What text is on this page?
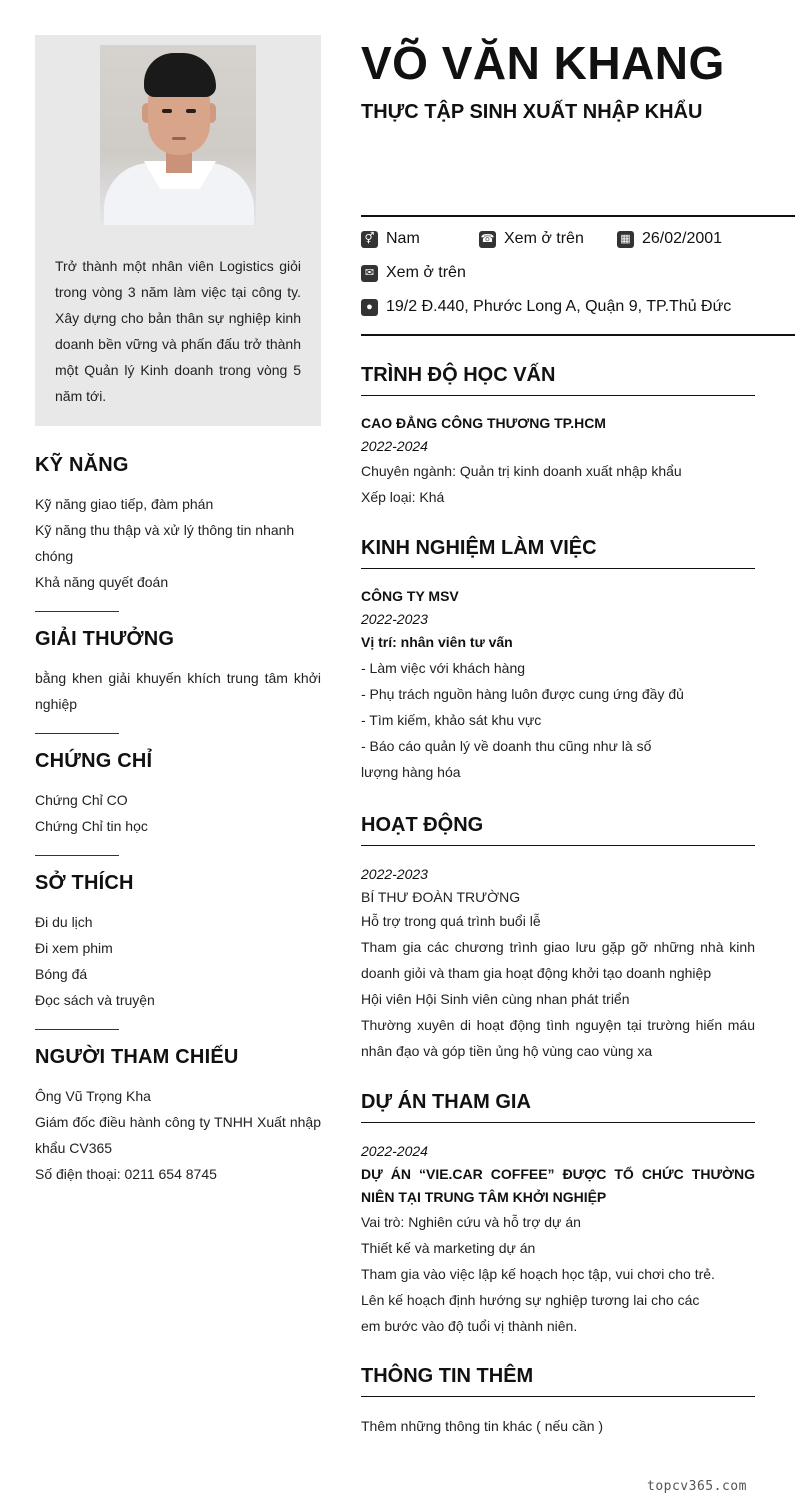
Trở thành một nhân viên Logistics giỏi trong vòng 3 năm làm việc tại công ty. Xây dựng cho bản thân sự nghiệp kinh doanh bền vững và phấn đấu trở thành một Quản lý Kinh doanh trong vòng 5 năm tới.

KỸ NĂNG

Kỹ năng giao tiếp, đàm phán

Kỹ năng thu thập và xử lý thông tin nhanh chóng

Khả năng quyết đoán

GIẢI THƯỞNG

bằng khen giải khuyến khích trung tâm khởi nghiệp

CHỨNG CHỈ

Chứng Chỉ CO

Chứng Chỉ tin học

SỞ THÍCH

Đi du lịch

Đi xem phim

Bóng đá

Đọc sách và truyện

NGƯỜI THAM CHIẾU

Ông Vũ Trọng Kha

Giám đốc điều hành công ty TNHH Xuất nhập khẩu CV365

Số điện thoại: 0211 654 8745

VÕ VĂN KHANG
THỰC TẬP SINH XUẤT NHẬP KHẨU
⚥ Nam	☎ Xem ở trên	▦ 26/02/2001
✉ Xem ở trên
● 19/2 Đ.440, Phước Long A, Quận 9, TP.Thủ Đức
TRÌNH ĐỘ HỌC VẤN
CAO ĐẲNG CÔNG THƯƠNG TP.HCM
2022-2024

Chuyên ngành: Quản trị kinh doanh xuất nhập khẩu

Xếp loại: Khá

KINH NGHIỆM LÀM VIỆC
CÔNG TY MSV
2022-2023
Vị trí: nhân viên tư vấn

- Làm việc với khách hàng

- Phụ trách nguồn hàng luôn được cung ứng đầy đủ

- Tìm kiếm, khảo sát khu vực

- Báo cáo quản lý về doanh thu cũng như là số lượng hàng hóa

HOẠT ĐỘNG
2022-2023

BÍ THƯ ĐOÀN TRƯỜNG

Hỗ trợ trong quá trình buổi lễ

Tham gia các chương trình giao lưu gặp gỡ những nhà kinh doanh giỏi và tham gia hoạt động khởi tạo doanh nghiệp

Hội viên Hội Sinh viên cùng nhan phát triển

Thường xuyên di hoạt động tình nguyện tại trường hiến máu nhân đạo và góp tiền ủng hộ vùng cao vùng xa

DỰ ÁN THAM GIA
2022-2024
DỰ ÁN “VIE.CAR COFFEE” ĐƯỢC TỔ CHỨC THƯỜNG NIÊN TẠI TRUNG TÂM KHỞI NGHIỆP

Vai trò: Nghiên cứu và hỗ trợ dự án

Thiết kế và marketing dự án

Tham gia vào việc lập kế hoạch học tập, vui chơi cho trẻ.

Lên kế hoạch định hướng sự nghiệp tương lai cho các em bước vào độ tuổi vị thành niên.

THÔNG TIN THÊM

Thêm những thông tin khác ( nếu cần )

topcv365.com
